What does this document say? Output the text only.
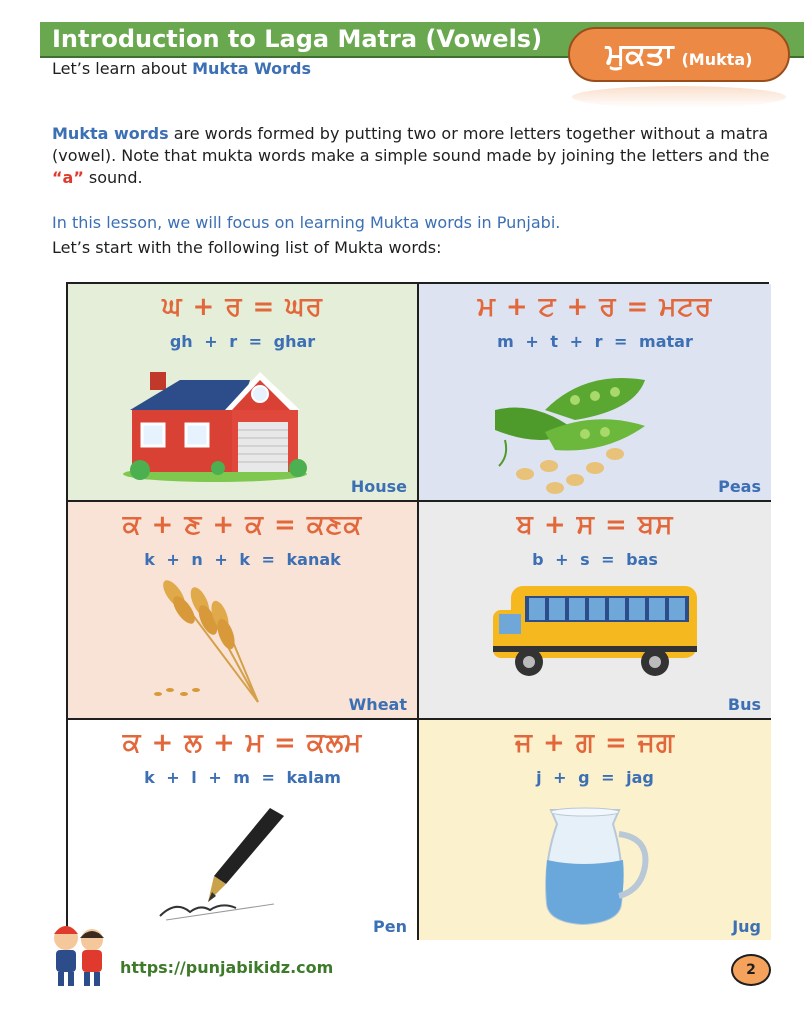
Introduction to Laga Matra (Vowels)
Let’s learn about Mukta Words	ਮੁਕਤਾ (Mukta)
Mukta words are words formed by putting two or more letters together without a matra (vowel). Note that mukta words make a simple sound made by joining the letters and the “a” sound.
In this lesson, we will focus on learning Mukta words in Punjabi.
Let’s start with the following list of Mukta words:
ਘ + ਰ = ਘਰ
gh + r = ghar
House
ਮ + ਟ + ਰ = ਮਟਰ
m + t + r = matar
Peas
ਕ + ਣ + ਕ = ਕਣਕ
k + n + k = kanak
Wheat
ਬ + ਸ = ਬਸ
b + s = bas
Bus
ਕ + ਲ + ਮ = ਕਲਮ
k + l + m = kalam
Pen
ਜ + ਗ = ਜਗ
j + g = jag
Jug
https://punjabikidz.com	2
